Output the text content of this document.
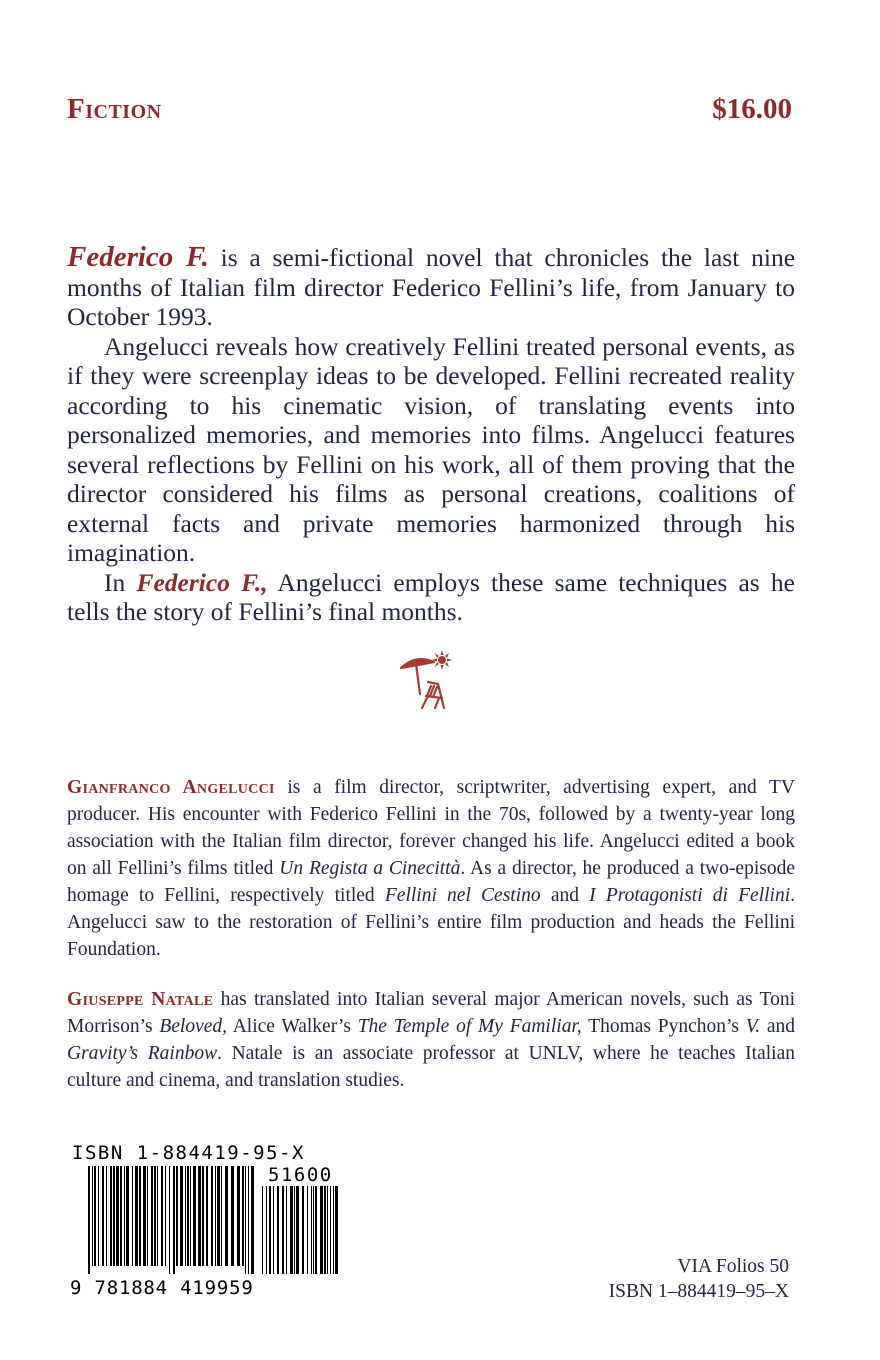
Fiction	$16.00

Federico F. is a semi-fictional novel that chronicles the last nine months of Italian film director Federico Fellini’s life, from January to October 1993.

Angelucci reveals how creatively Fellini treated personal events, as if they were screenplay ideas to be developed. Fellini recreated reality according to his cinematic vision, of translating events into personalized memories, and memories into films. Angelucci features several reflections by Fellini on his work, all of them proving that the director considered his films as personal creations, coalitions of external facts and private memories harmonized through his imagination.

In Federico F., Angelucci employs these same techniques as he tells the story of Fellini’s final months.

Gianfranco Angelucci is a film director, scriptwriter, advertising expert, and TV producer. His encounter with Federico Fellini in the 70s, followed by a twenty-year long association with the Italian film director, forever changed his life. Angelucci edited a book on all Fellini’s films titled Un Regista a Cinecittà. As a director, he produced a two-episode homage to Fellini, respectively titled Fellini nel Cestino and I Protagonisti di Fellini. Angelucci saw to the restoration of Fellini’s entire film production and heads the Fellini Foundation.

Giuseppe Natale has translated into Italian several major American novels, such as Toni Morrison’s Beloved, Alice Walker’s The Temple of My Familiar, Thomas Pynchon’s V. and Gravity’s Rainbow. Natale is an associate professor at UNLV, where he teaches Italian culture and cinema, and translation studies.

ISBN 1-884419-95-X
51600
9 781884 419959
VIA Folios 50
ISBN 1–884419–95–X
